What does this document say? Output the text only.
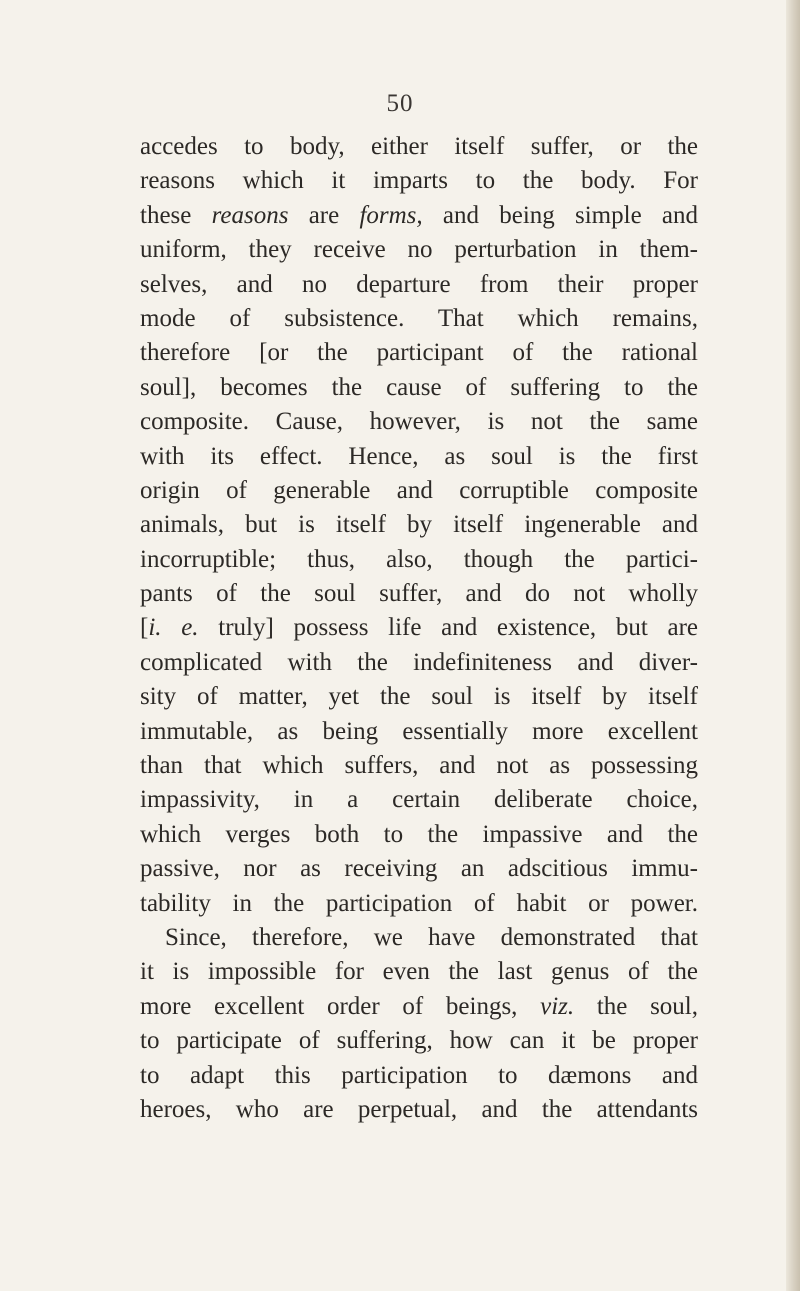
50
accedes to body, either itself suffer, or the
reasons which it imparts to the body. For
these reasons are forms, and being simple and
uniform, they receive no perturbation in them-
selves, and no departure from their proper
mode of subsistence. That which remains,
therefore [or the participant of the rational
soul], becomes the cause of suffering to the
composite. Cause, however, is not the same
with its effect. Hence, as soul is the first
origin of generable and corruptible composite
animals, but is itself by itself ingenerable and
incorruptible; thus, also, though the partici-
pants of the soul suffer, and do not wholly
[i. e. truly] possess life and existence, but are
complicated with the indefiniteness and diver-
sity of matter, yet the soul is itself by itself
immutable, as being essentially more excellent
than that which suffers, and not as possessing
impassivity, in a certain deliberate choice,
which verges both to the impassive and the
passive, nor as receiving an adscitious immu-
tability in the participation of habit or power.
Since, therefore, we have demonstrated that
it is impossible for even the last genus of the
more excellent order of beings, viz. the soul,
to participate of suffering, how can it be proper
to adapt this participation to dæmons and
heroes, who are perpetual, and the attendants
